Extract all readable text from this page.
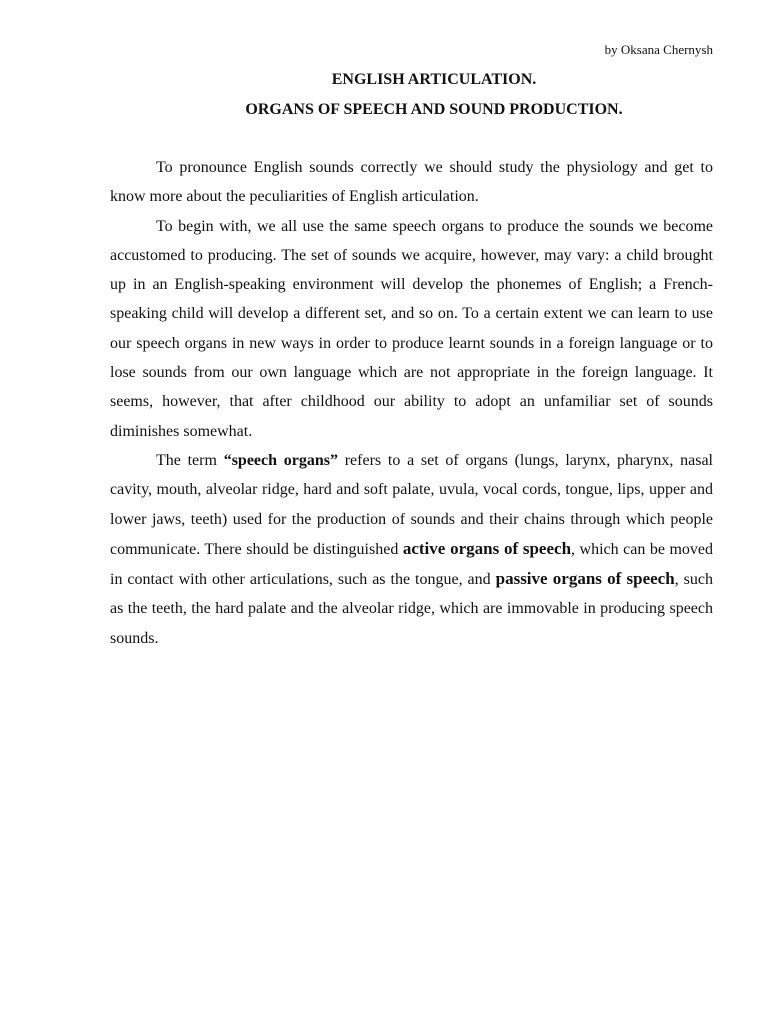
by Oksana Chernysh
ENGLISH ARTICULATION.
ORGANS OF SPEECH AND SOUND PRODUCTION.

To pronounce English sounds correctly we should study the physiology and get to know more about the peculiarities of English articulation.

To begin with, we all use the same speech organs to produce the sounds we become accustomed to producing. The set of sounds we acquire, however, may vary: a child brought up in an English-speaking environment will develop the phonemes of English; a French-speaking child will develop a different set, and so on. To a certain extent we can learn to use our speech organs in new ways in order to produce learnt sounds in a foreign language or to lose sounds from our own language which are not appropriate in the foreign language. It seems, however, that after childhood our ability to adopt an unfamiliar set of sounds diminishes somewhat.

The term “speech organs” refers to a set of organs (lungs, larynx, pharynx, nasal cavity, mouth, alveolar ridge, hard and soft palate, uvula, vocal cords, tongue, lips, upper and lower jaws, teeth) used for the production of sounds and their chains through which people communicate. There should be distinguished active organs of speech, which can be moved in contact with other articulations, such as the tongue, and passive organs of speech, such as the teeth, the hard palate and the alveolar ridge, which are immovable in producing speech sounds.
